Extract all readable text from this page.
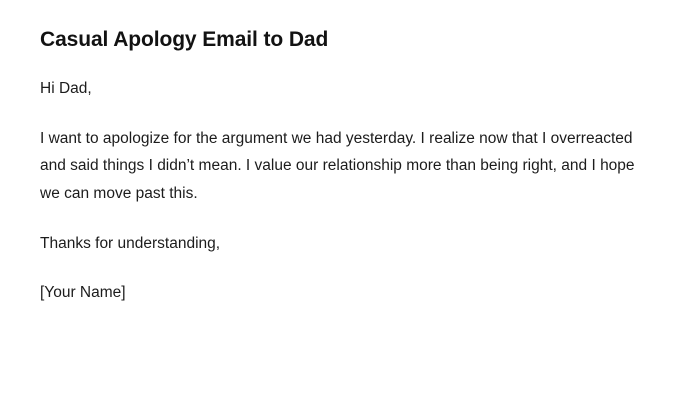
Casual Apology Email to Dad

Hi Dad,

I want to apologize for the argument we had yesterday. I realize now that I overreacted and said things I didn’t mean. I value our relationship more than being right, and I hope we can move past this.

Thanks for understanding,

[Your Name]
